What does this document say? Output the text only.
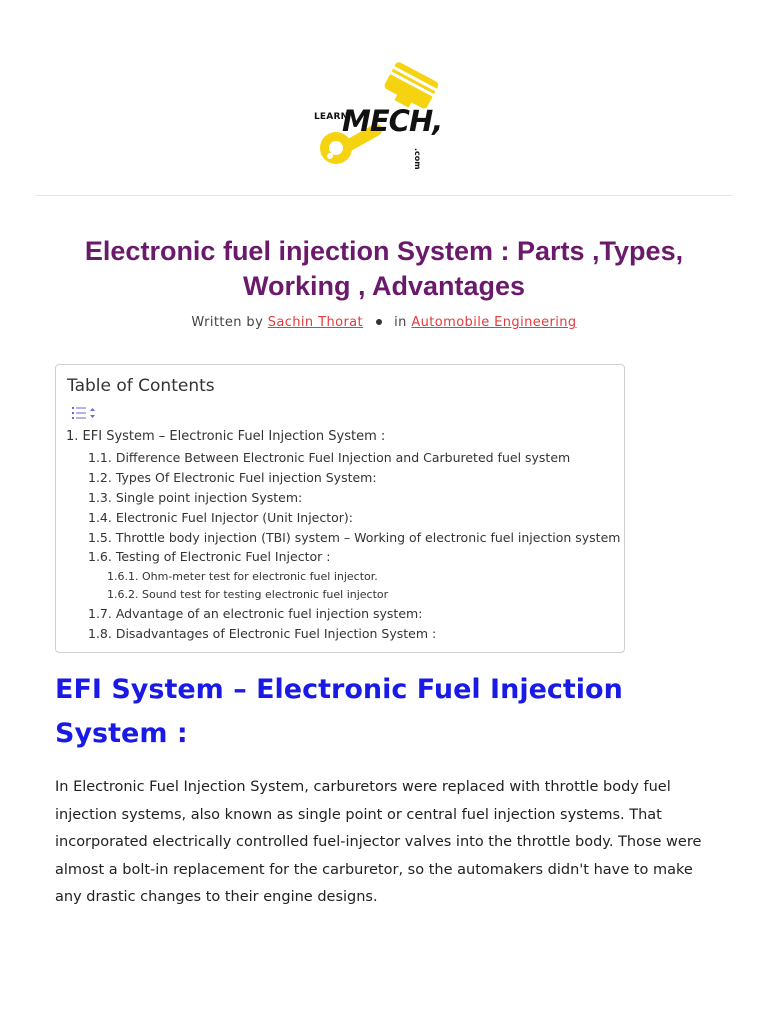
LEARN
MECH,
.com
Electronic fuel injection System : Parts ,Types, Working , Advantages
Written by Sachin Thorat in Automobile Engineering
Table of Contents
1. EFI System – Electronic Fuel Injection System :
1.1. Difference Between Electronic Fuel Injection and Carbureted fuel system
1.2. Types Of Electronic Fuel injection System:
1.3. Single point injection System:
1.4. Electronic Fuel Injector (Unit Injector):
1.5. Throttle body injection (TBI) system – Working of electronic fuel injection system
1.6. Testing of Electronic Fuel Injector :
1.6.1. Ohm-meter test for electronic fuel injector.
1.6.2. Sound test for testing electronic fuel injector
1.7. Advantage of an electronic fuel injection system:
1.8. Disadvantages of Electronic Fuel Injection System :
EFI System – Electronic Fuel Injection System :

In Electronic Fuel Injection System, carburetors were replaced with throttle body fuel injection systems, also known as single point or central fuel injection systems. That incorporated electrically controlled fuel-injector valves into the throttle body. Those were almost a bolt-in replacement for the carburetor, so the automakers didn't have to make any drastic changes to their engine designs.
